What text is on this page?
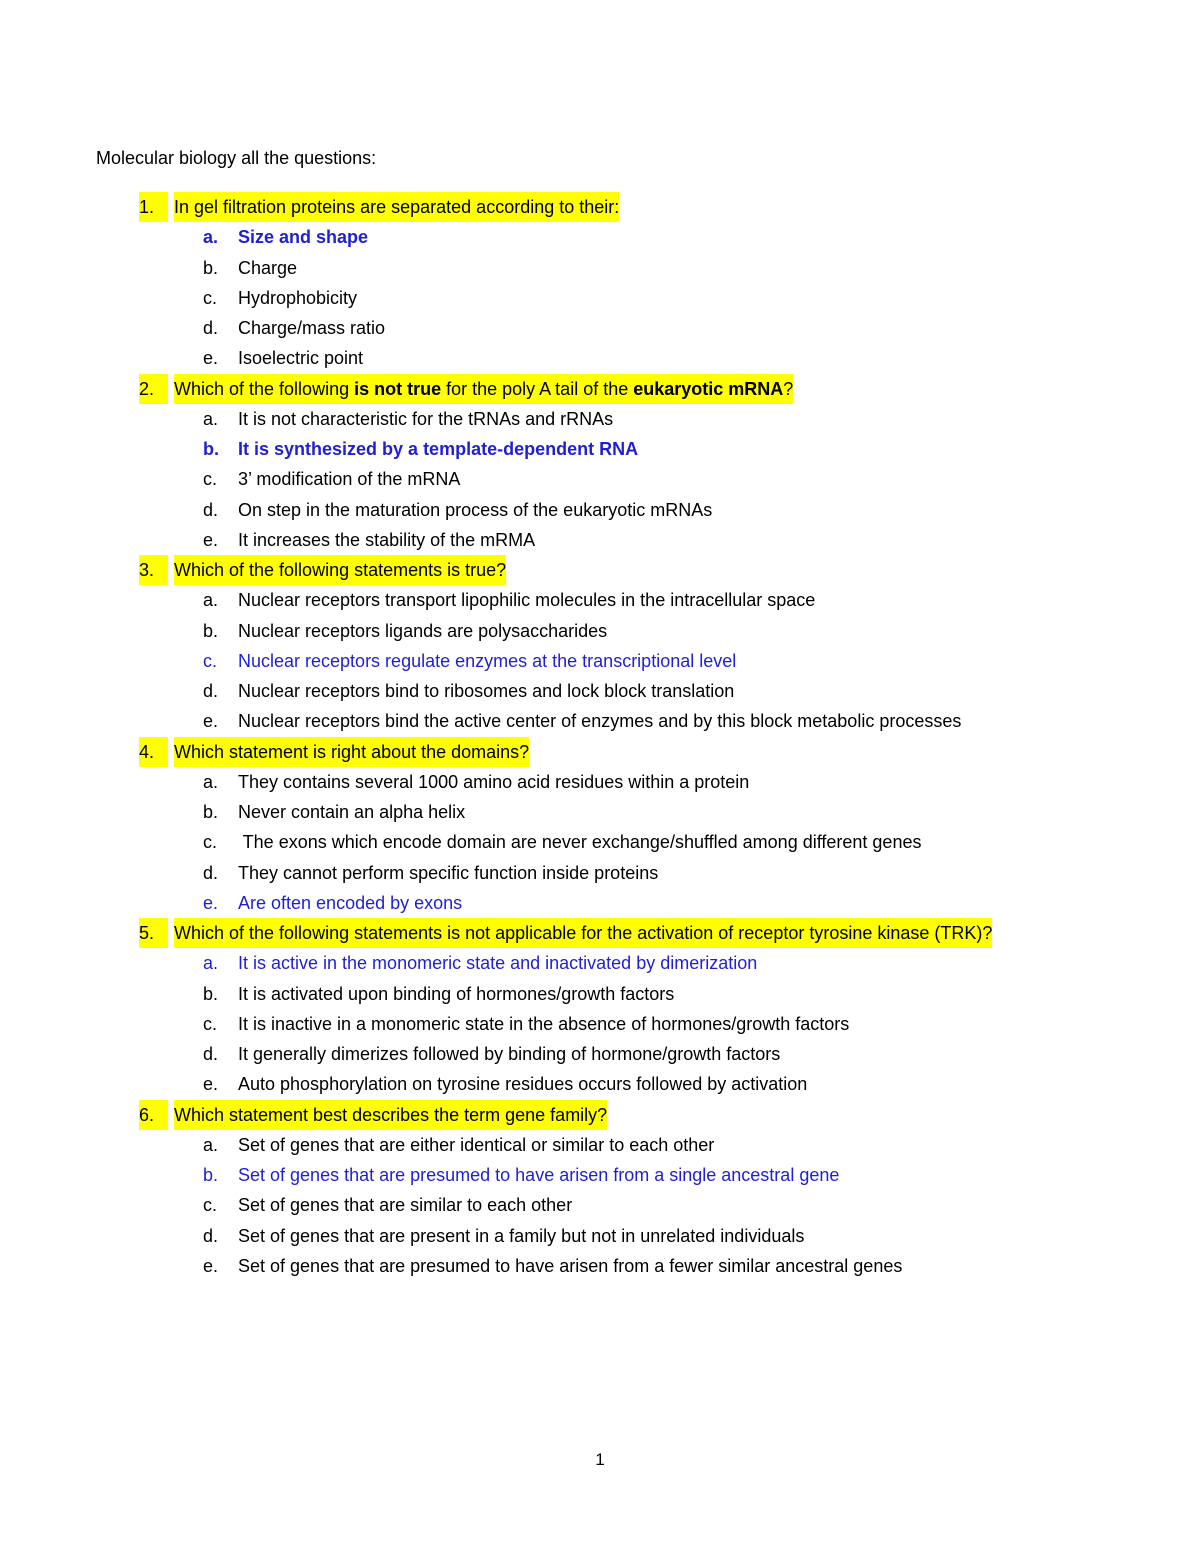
Molecular biology all the questions:
1.	In gel filtration proteins are separated according to their:
a. Size and shape
b. Charge
c. Hydrophobicity
d. Charge/mass ratio
e. Isoelectric point
2.	Which of the following is not true for the poly A tail of the eukaryotic mRNA?
a. It is not characteristic for the tRNAs and rRNAs
b. It is synthesized by a template-dependent RNA
c. 3’ modification of the mRNA
d. On step in the maturation process of the eukaryotic mRNAs
e. It increases the stability of the mRMA
3.	Which of the following statements is true?
a. Nuclear receptors transport lipophilic molecules in the intracellular space
b. Nuclear receptors ligands are polysaccharides
c. Nuclear receptors regulate enzymes at the transcriptional level
d. Nuclear receptors bind to ribosomes and lock block translation
e. Nuclear receptors bind the active center of enzymes and by this block metabolic processes
4.	Which statement is right about the domains?
a. They contains several 1000 amino acid residues within a protein
b. Never contain an alpha helix
c. The exons which encode domain are never exchange/shuffled among different genes
d. They cannot perform specific function inside proteins
e. Are often encoded by exons
5.	Which of the following statements is not applicable for the activation of receptor tyrosine kinase (TRK)?
a. It is active in the monomeric state and inactivated by dimerization
b. It is activated upon binding of hormones/growth factors
c. It is inactive in a monomeric state in the absence of hormones/growth factors
d. It generally dimerizes followed by binding of hormone/growth factors
e. Auto phosphorylation on tyrosine residues occurs followed by activation
6.	Which statement best describes the term gene family?
a. Set of genes that are either identical or similar to each other
b. Set of genes that are presumed to have arisen from a single ancestral gene
c. Set of genes that are similar to each other
d. Set of genes that are present in a family but not in unrelated individuals
e. Set of genes that are presumed to have arisen from a fewer similar ancestral genes
1
